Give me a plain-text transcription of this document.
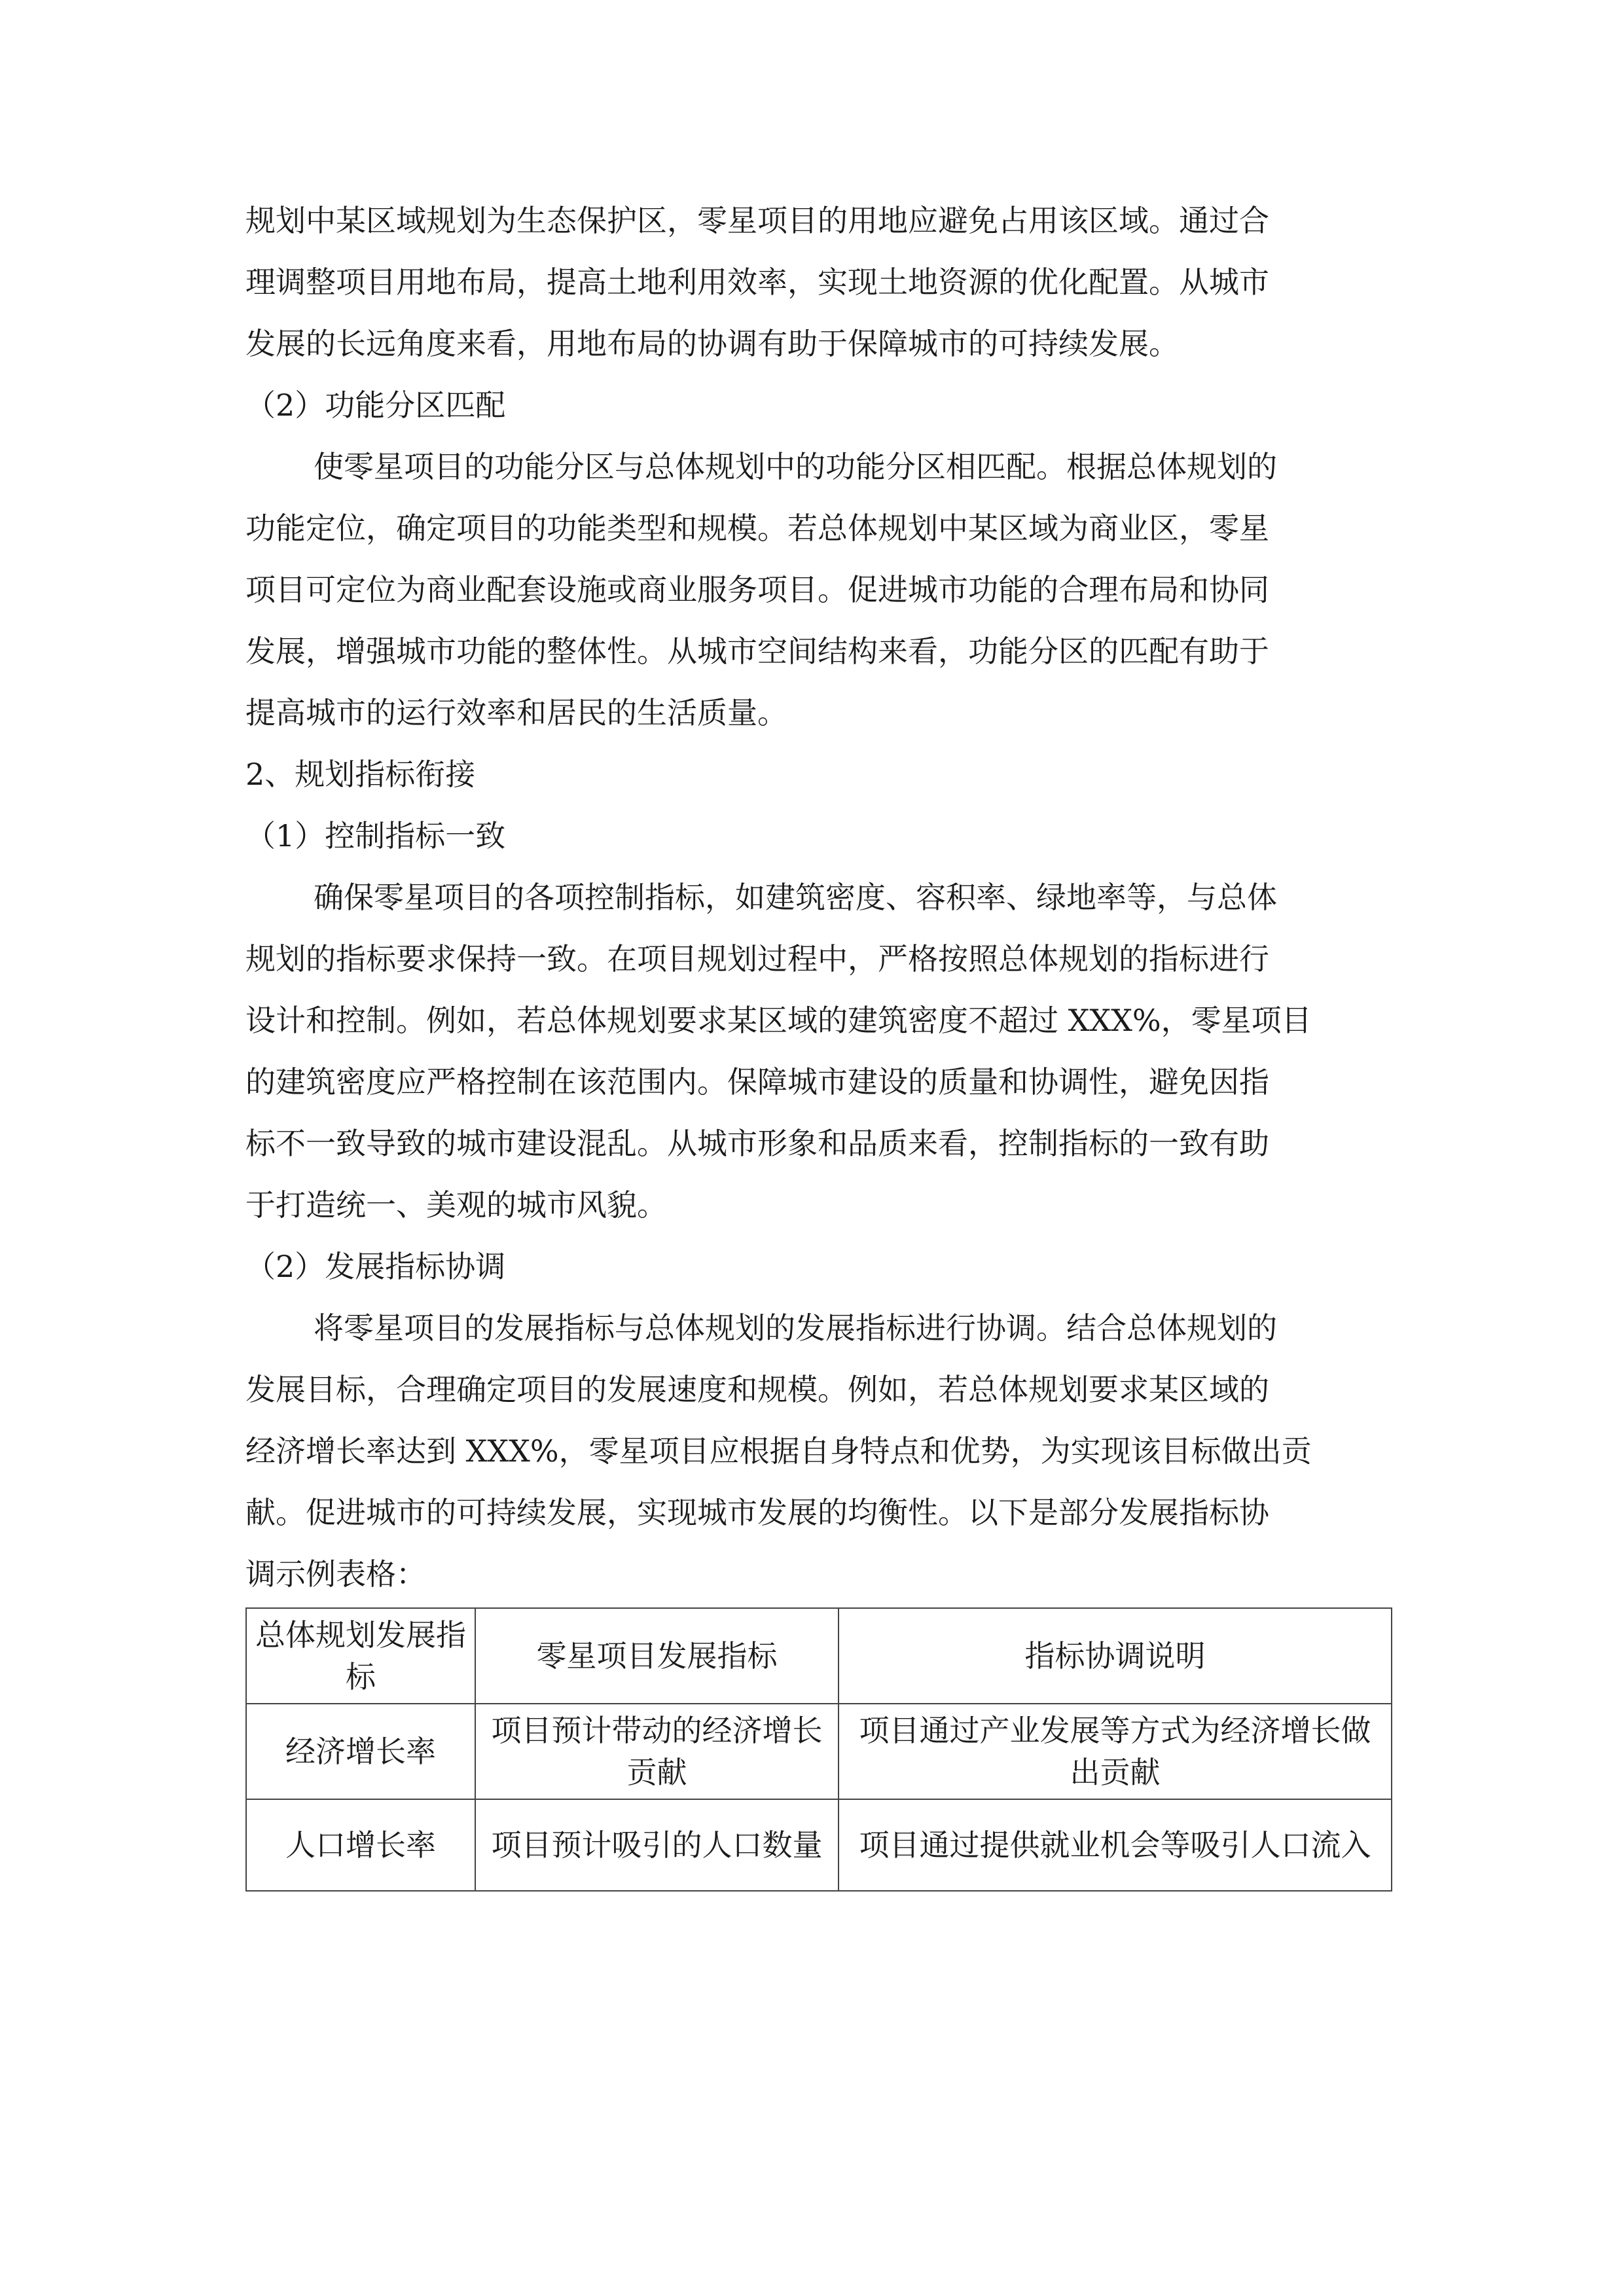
规划中某区域规划为生态保护区，零星项目的用地应避免占用该区域。通过合

理调整项目用地布局，提高土地利用效率，实现土地资源的优化配置。从城市

发展的长远角度来看，用地布局的协调有助于保障城市的可持续发展。

（2）功能分区匹配

使零星项目的功能分区与总体规划中的功能分区相匹配。根据总体规划的

功能定位，确定项目的功能类型和规模。若总体规划中某区域为商业区，零星

项目可定位为商业配套设施或商业服务项目。促进城市功能的合理布局和协同

发展，增强城市功能的整体性。从城市空间结构来看，功能分区的匹配有助于

提高城市的运行效率和居民的生活质量。

2、规划指标衔接

（1）控制指标一致

确保零星项目的各项控制指标，如建筑密度、容积率、绿地率等，与总体

规划的指标要求保持一致。在项目规划过程中，严格按照总体规划的指标进行

设计和控制。例如，若总体规划要求某区域的建筑密度不超过 XXX%，零星项目

的建筑密度应严格控制在该范围内。保障城市建设的质量和协调性，避免因指

标不一致导致的城市建设混乱。从城市形象和品质来看，控制指标的一致有助

于打造统一、美观的城市风貌。

（2）发展指标协调

将零星项目的发展指标与总体规划的发展指标进行协调。结合总体规划的

发展目标，合理确定项目的发展速度和规模。例如，若总体规划要求某区域的

经济增长率达到 XXX%，零星项目应根据自身特点和优势，为实现该目标做出贡

献。促进城市的可持续发展，实现城市发展的均衡性。以下是部分发展指标协

调示例表格：

总体规划发展指标	零星项目发展指标	指标协调说明
经济增长率	项目预计带动的经济增长贡献	项目通过产业发展等方式为经济增长做出贡献
人口增长率	项目预计吸引的人口数量	项目通过提供就业机会等吸引人口流入
